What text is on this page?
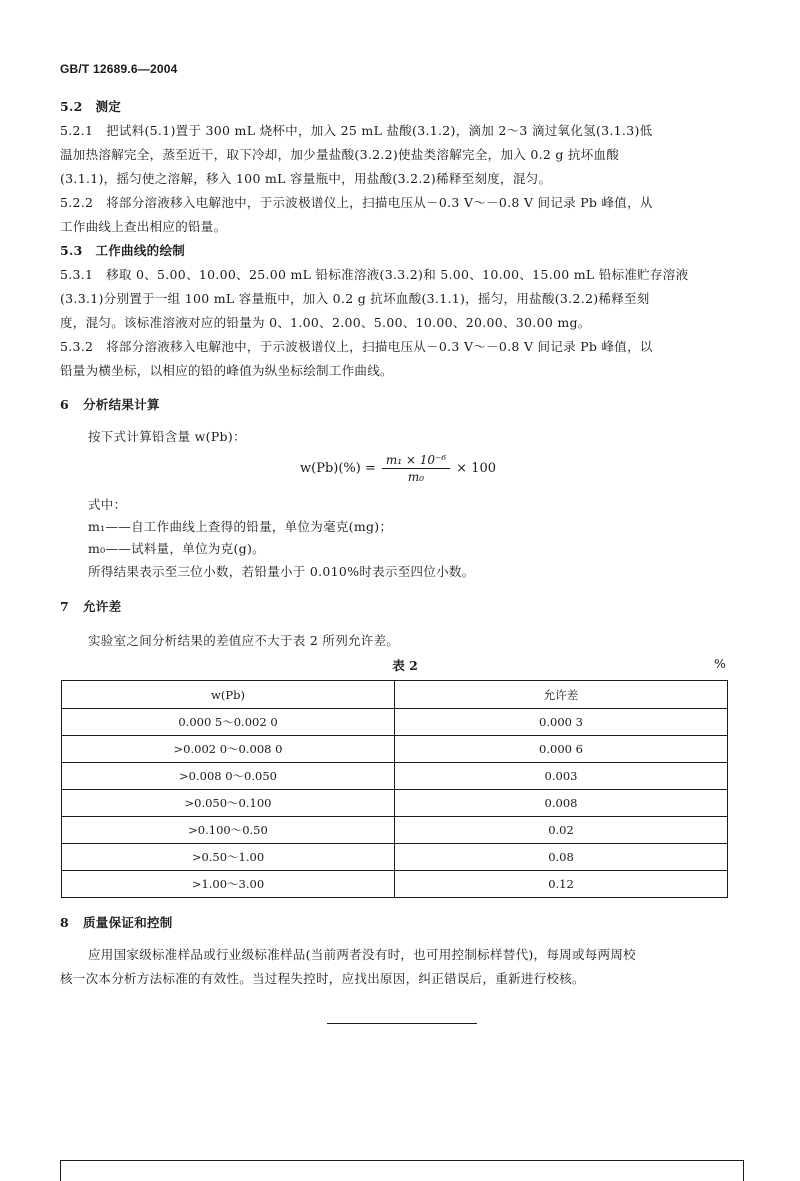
GB/T 12689.6—2004
5.2　测定
5.2.1　把试料(5.1)置于 300 mL 烧杯中，加入 25 mL 盐酸(3.1.2)，滴加 2～3 滴过氧化氢(3.1.3)低
温加热溶解完全，蒸至近干，取下冷却，加少量盐酸(3.2.2)使盐类溶解完全，加入 0.2 g 抗坏血酸
(3.1.1)，摇匀使之溶解，移入 100 mL 容量瓶中，用盐酸(3.2.2)稀释至刻度，混匀。
5.2.2　将部分溶液移入电解池中，于示波极谱仪上，扫描电压从－0.3 V～－0.8 V 间记录 Pb 峰值，从
工作曲线上查出相应的铅量。
5.3　工作曲线的绘制
5.3.1　移取 0、5.00、10.00、25.00 mL 铅标准溶液(3.3.2)和 5.00、10.00、15.00 mL 铅标准贮存溶液
(3.3.1)分别置于一组 100 mL 容量瓶中，加入 0.2 g 抗坏血酸(3.1.1)，摇匀，用盐酸(3.2.2)稀释至刻
度，混匀。该标准溶液对应的铅量为 0、1.00、2.00、5.00、10.00、20.00、30.00 mg。
5.3.2　将部分溶液移入电解池中，于示波极谱仪上，扫描电压从－0.3 V～－0.8 V 间记录 Pb 峰值，以
铅量为横坐标，以相应的铅的峰值为纵坐标绘制工作曲线。
6 分析结果计算
按下式计算铅含量 w(Pb)：
$w(Pb)(\%) = \frac{\text{m₁ × 10⁻⁶}}{\text{m₀}} \times 100$
式中：
m₁——自工作曲线上查得的铅量，单位为毫克(mg)；
m₀——试料量，单位为克(g)。
所得结果表示至三位小数，若铅量小于 0.010%时表示至四位小数。
7 允许差
实验室之间分析结果的差值应不大于表 2 所列允许差。
表 2	%
w(Pb)	允许差
0.000 5～0.002 0	0.000 3
>0.002 0～0.008 0	0.000 6
>0.008 0～0.050	0.003
>0.050～0.100	0.008
>0.100～0.50	0.02
>0.50～1.00	0.08
>1.00～3.00	0.12
8 质量保证和控制
应用国家级标准样品或行业级标准样品(当前两者没有时，也可用控制标样替代)，每周或每两周校
核一次本分析方法标准的有效性。当过程失控时，应找出原因，纠正错误后，重新进行校核。
